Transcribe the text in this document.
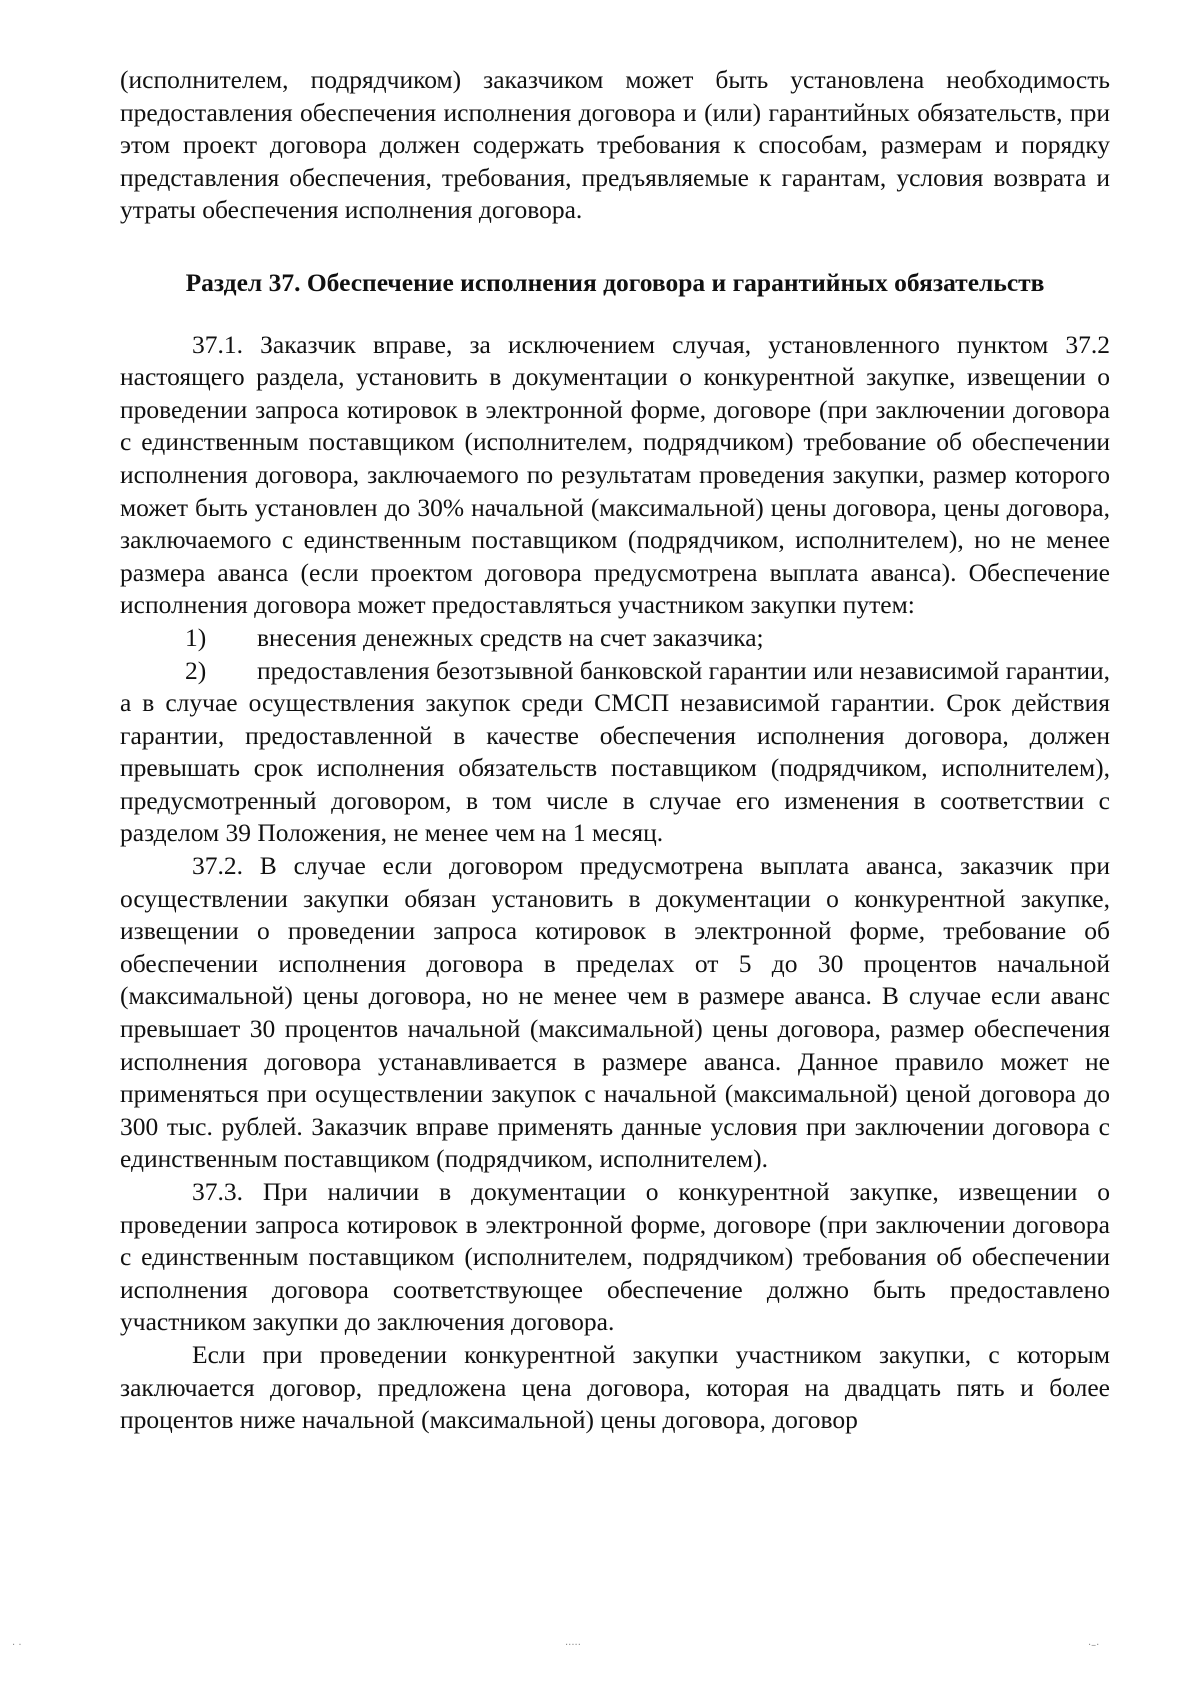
(исполнителем, подрядчиком) заказчиком может быть установлена необходимость предоставления обеспечения исполнения договора и (или) гарантийных обязательств, при этом проект договора должен содержать требования к способам, размерам и порядку представления обеспечения, требования, предъявляемые к гарантам, условия возврата и утраты обеспечения исполнения договора.

Раздел 37. Обеспечение исполнения договора и гарантийных обязательств

37.1. Заказчик вправе, за исключением случая, установленного пунктом 37.2 настоящего раздела, установить в документации о конкурентной закупке, извещении о проведении запроса котировок в электронной форме, договоре (при заключении договора с единственным поставщиком (исполнителем, подрядчиком) требование об обеспечении исполнения договора, заключаемого по результатам проведения закупки, размер которого может быть установлен до 30% начальной (максимальной) цены договора, цены договора, заключаемого с единственным поставщиком (подрядчиком, исполнителем), но не менее размера аванса (если проектом договора предусмотрена выплата аванса). Обеспечение исполнения договора может предоставляться участником закупки путем:

1)	внесения денежных средств на счет заказчика;

2) предоставления безотзывной банковской гарантии или независимой гарантии, а в случае осуществления закупок среди СМСП независимой гарантии. Срок действия гарантии, предоставленной в качестве обеспечения исполнения договора, должен превышать срок исполнения обязательств поставщиком (подрядчиком, исполнителем), предусмотренный договором, в том числе в случае его изменения в соответствии с разделом 39 Положения, не менее чем на 1 месяц.

37.2. В случае если договором предусмотрена выплата аванса, заказчик при осуществлении закупки обязан установить в документации о конкурентной закупке, извещении о проведении запроса котировок в электронной форме, требование об обеспечении исполнения договора в пределах от 5 до 30 процентов начальной (максимальной) цены договора, но не менее чем в размере аванса. В случае если аванс превышает 30 процентов начальной (максимальной) цены договора, размер обеспечения исполнения договора устанавливается в размере аванса. Данное правило может не применяться при осуществлении закупок с начальной (максимальной) ценой договора до 300 тыс. рублей. Заказчик вправе применять данные условия при заключении договора с единственным поставщиком (подрядчиком, исполнителем).

37.3. При наличии в документации о конкурентной закупке, извещении о проведении запроса котировок в электронной форме, договоре (при заключении договора с единственным поставщиком (исполнителем, подрядчиком) требования об обеспечении исполнения договора соответствующее обеспечение должно быть предоставлено участником закупки до заключения договора.

Если при проведении конкурентной закупки участником закупки, с которым заключается договор, предложена цена договора, которая на двадцать пять и более процентов ниже начальной (максимальной) цены договора, договор

· ·	·····	·–·
